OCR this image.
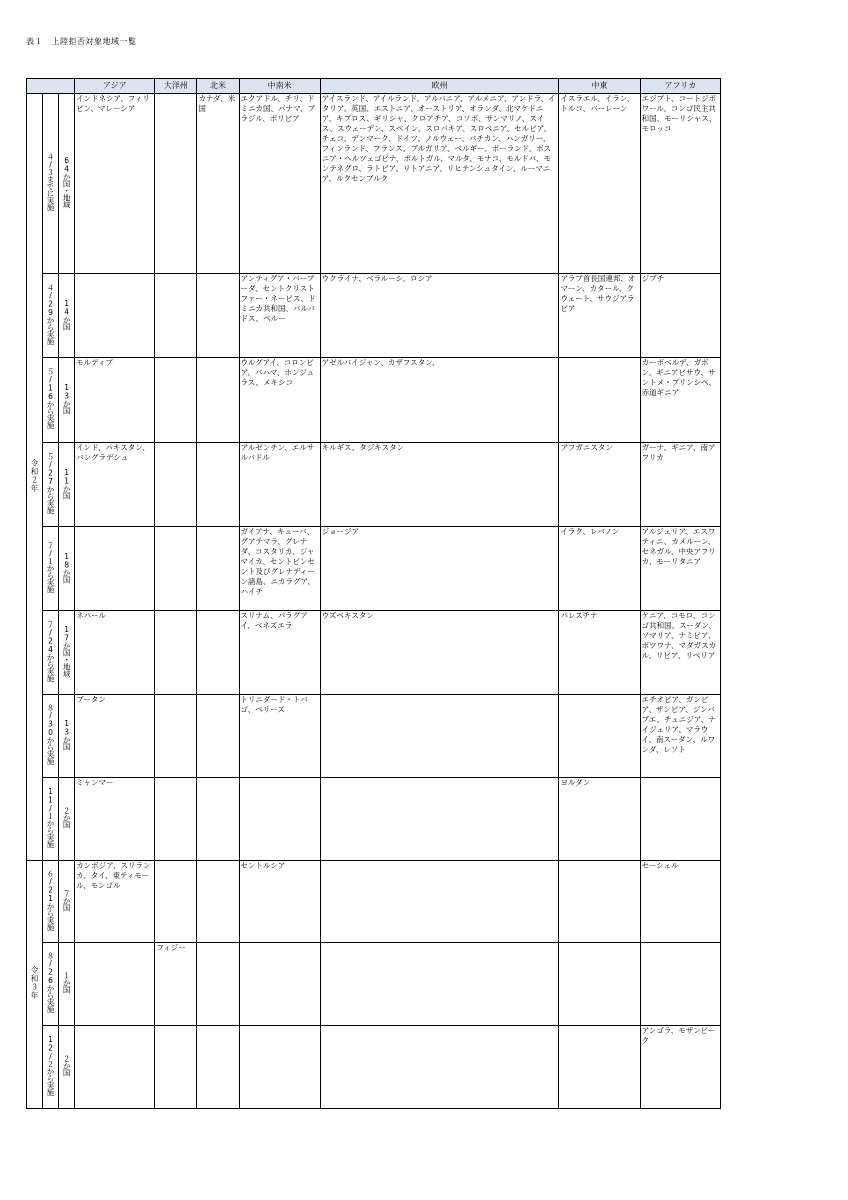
表１　上陸拒否対象地域一覧
			アジア	大洋州	北米	中南米	欧州	中東	アフリカ
令和２年	４/３までに実施	64か国・地域	インドネシア、フィリピン、マレーシア		カナダ、米国	エクアドル、チリ、ドミニカ国、パナマ、ブラジル、ボリビア	アイスランド、アイルランド、アルバニア、アルメニア、アンドラ、イタリア、英国、エストニア、オーストリア、オランダ、北マケドニア、キプロス、ギリシャ、クロアチア、コソボ、サンマリノ、スイス、スウェーデン、スペイン、スロバキア、スロベニア、セルビア、チェコ、デンマーク、ドイツ、ノルウェー、バチカン、ハンガリー、フィンランド、フランス、ブルガリア、ベルギー、ポーランド、ボスニア・ヘルツェゴビナ、ポルトガル、マルタ、モナコ、モルドバ、モンテネグロ、ラトビア、リトアニア、リヒテンシュタイン、ルーマニア、ルクセンブルク	イスラエル、イラン、トルコ、バーレーン	エジプト、コートジボワール、コンゴ民主共和国、モーリシャス、モロッコ
	４/29から実施	14か国				アンティグア・バーブーダ、セントクリストファー・ネービス、ドミニカ共和国、バルバドス、ペルー	ウクライナ、ベラルーシ、ロシア	アラブ首長国連邦、オマーン、カタール、クウェート、サウジアラビア	ジブチ
	５/16から実施	13か国	モルディブ			ウルグアイ、コロンビア、バハマ、ホンジュラス、メキシコ	アゼルバイジャン、カザフスタン、		カーボベルデ、ガボン、ギニアビサウ、サントメ・プリンシペ、赤道ギニア
	５/27から実施	11か国	インド、パキスタン、バングラデシュ			アルゼンチン、エルサルバドル	キルギス、タジキスタン	アフガニスタン	ガーナ、ギニア、南アフリカ
	７/１から実施	18か国				ガイアナ、キューバ、グアテマラ、グレナダ、コスタリカ、ジャマイカ、セントビンセント及びグレナディーン諸島、ニカラグア、ハイチ	ジョージア	イラク、レバノン	アルジェリア、エスワティニ、カメルーン、セネガル、中央アフリカ、モーリタニア
	７/24から実施	17か国・地域	ネパール			スリナム、パラグアイ、ベネズエラ	ウズベキスタン	パレスチナ	ケニア、コモロ、コンゴ共和国、スーダン、ソマリア、ナミビア、ボツワナ、マダガスカル、リビア、リベリア
	８/30から実施	13か国	ブータン			トリニダード・トバゴ、ベリーズ			エチオピア、ガンビア、ザンビア、ジンバブエ、チュニジア、ナイジェリア、マラウイ、南スーダン、ルワンダ、レソト
	11/１から実施	２か国	ミャンマー					ヨルダン	
令和３年	６/21から実施	７か国	カンボジア、スリランカ、タイ、東ティモール、モンゴル			セントルシア			セーシェル
	８/26から実施	１か国		フィジー					
	12/２から実施	２か国							アンゴラ、モザンビーク
